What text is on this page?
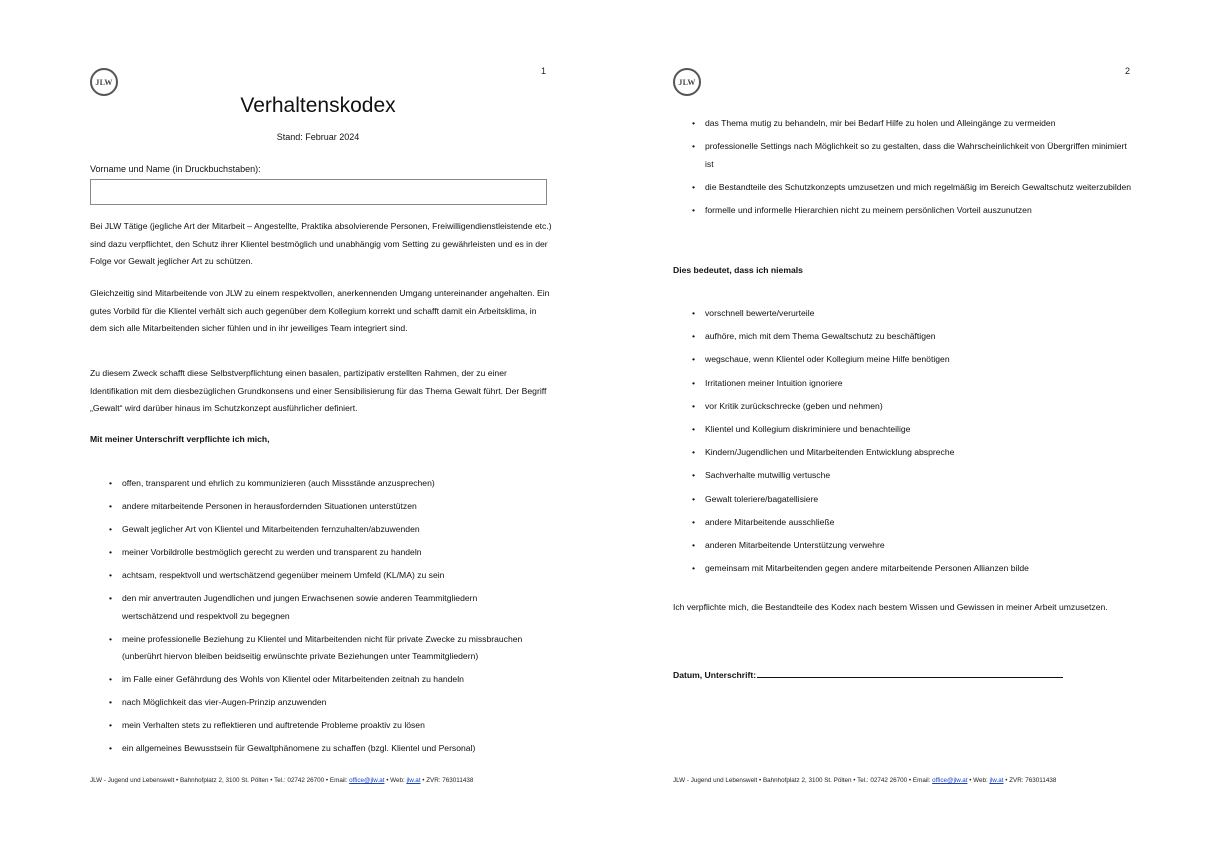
JLW
1
Verhaltenskodex
Stand: Februar 2024
Vorname und Name (in Druckbuchstaben):

Bei JLW Tätige (jegliche Art der Mitarbeit – Angestellte, Praktika absolvierende Personen, Freiwilligendienstleistende etc.) sind dazu verpflichtet, den Schutz ihrer Klientel bestmöglich und unabhängig vom Setting zu gewährleisten und es in der Folge vor Gewalt jeglicher Art zu schützen.

Gleichzeitig sind Mitarbeitende von JLW zu einem respektvollen, anerkennenden Umgang untereinander angehalten. Ein gutes Vorbild für die Klientel verhält sich auch gegenüber dem Kollegium korrekt und schafft damit ein Arbeitsklima, in dem sich alle Mitarbeitenden sicher fühlen und in ihr jeweiliges Team integriert sind.

Zu diesem Zweck schafft diese Selbstverpflichtung einen basalen, partizipativ erstellten Rahmen, der zu einer Identifikation mit dem diesbezüglichen Grundkonsens und einer Sensibilisierung für das Thema Gewalt führt. Der Begriff „Gewalt“ wird darüber hinaus im Schutzkonzept ausführlicher definiert.

Mit meiner Unterschrift verpflichte ich mich,

• offen, transparent und ehrlich zu kommunizieren (auch Missstände anzusprechen)
• andere mitarbeitende Personen in herausfordernden Situationen unterstützen
• Gewalt jeglicher Art von Klientel und Mitarbeitenden fernzuhalten/abzuwenden
• meiner Vorbildrolle bestmöglich gerecht zu werden und transparent zu handeln
• achtsam, respektvoll und wertschätzend gegenüber meinem Umfeld (KL/MA) zu sein
• den mir anvertrauten Jugendlichen und jungen Erwachsenen sowie anderen Teammitgliedern wertschätzend und respektvoll zu begegnen
• meine professionelle Beziehung zu Klientel und Mitarbeitenden nicht für private Zwecke zu missbrauchen (unberührt hiervon bleiben beidseitig erwünschte private Beziehungen unter Teammitgliedern)
• im Falle einer Gefährdung des Wohls von Klientel oder Mitarbeitenden zeitnah zu handeln
• nach Möglichkeit das vier-Augen-Prinzip anzuwenden
• mein Verhalten stets zu reflektieren und auftretende Probleme proaktiv zu lösen
• ein allgemeines Bewusstsein für Gewaltphänomene zu schaffen (bzgl. Klientel und Personal)
JLW - Jugend und Lebenswelt • Bahnhofplatz 2, 3100 St. Pölten • Tel.: 02742 26700 • Email: office@jlw.at • Web: jlw.at • ZVR: 763011438
JLW
2
• das Thema mutig zu behandeln, mir bei Bedarf Hilfe zu holen und Alleingänge zu vermeiden
• professionelle Settings nach Möglichkeit so zu gestalten, dass die Wahrscheinlichkeit von Übergriffen minimiert ist
• die Bestandteile des Schutzkonzepts umzusetzen und mich regelmäßig im Bereich Gewaltschutz weiterzubilden
• formelle und informelle Hierarchien nicht zu meinem persönlichen Vorteil auszunutzen

Dies bedeutet, dass ich niemals

• vorschnell bewerte/verurteile
• aufhöre, mich mit dem Thema Gewaltschutz zu beschäftigen
• wegschaue, wenn Klientel oder Kollegium meine Hilfe benötigen
• Irritationen meiner Intuition ignoriere
• vor Kritik zurückschrecke (geben und nehmen)
• Klientel und Kollegium diskriminiere und benachteilige
• Kindern/Jugendlichen und Mitarbeitenden Entwicklung abspreche
• Sachverhalte mutwillig vertusche
• Gewalt toleriere/bagatellisiere
• andere Mitarbeitende ausschließe
• anderen Mitarbeitende Unterstützung verwehre
• gemeinsam mit Mitarbeitenden gegen andere mitarbeitende Personen Allianzen bilde

Ich verpflichte mich, die Bestandteile des Kodex nach bestem Wissen und Gewissen in meiner Arbeit umzusetzen.

Datum, Unterschrift:
JLW - Jugend und Lebenswelt • Bahnhofplatz 2, 3100 St. Pölten • Tel.: 02742 26700 • Email: office@jlw.at • Web: jlw.at • ZVR: 763011438
